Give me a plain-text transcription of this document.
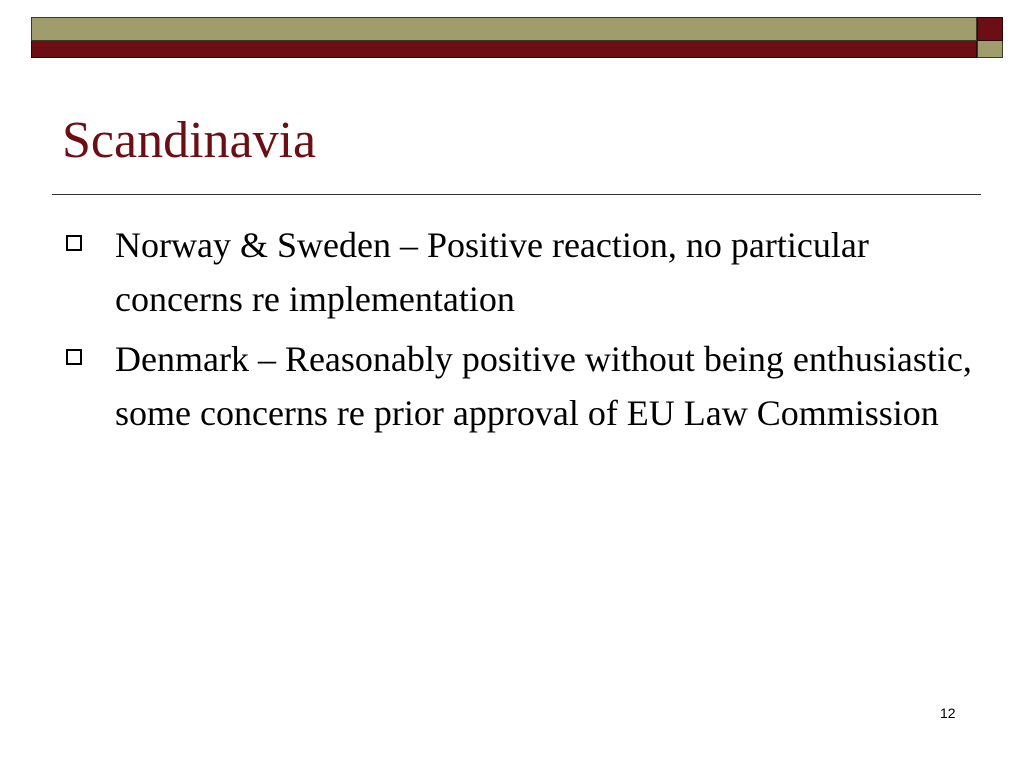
Scandinavia
Norway & Sweden – Positive reaction, no particular concerns re implementation
Denmark – Reasonably positive without being enthusiastic, some concerns re prior approval of EU Law Commission
12
